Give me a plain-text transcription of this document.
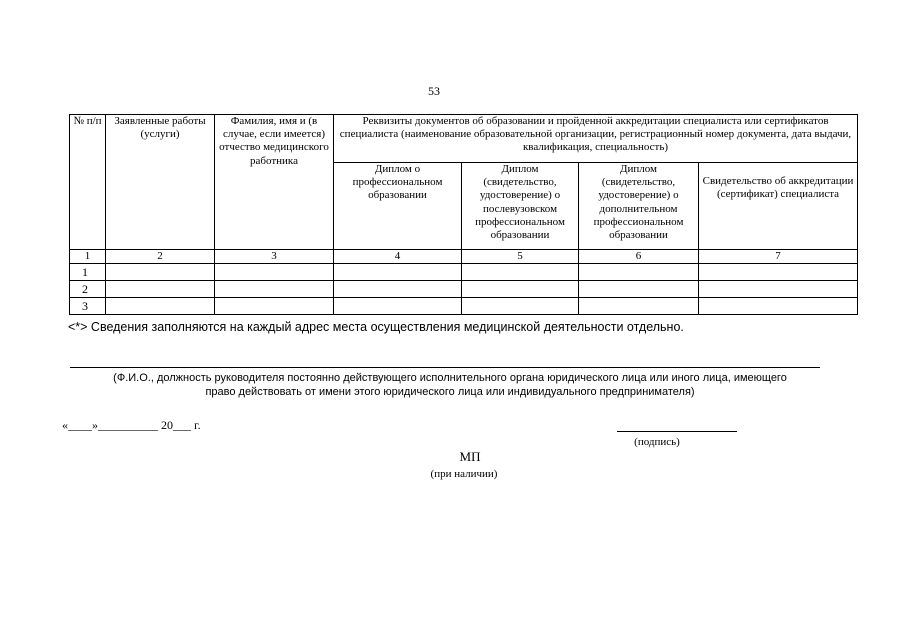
53
№ п/п	Заявленные работы (услуги)	Фамилия, имя и (в случае, если имеется) отчество медицинского работника	Реквизиты документов об образовании и пройденной аккредитации специалиста или сертификатов специалиста (наименование образовательной организации, регистрационный номер документа, дата выдачи, квалификация, специальность)			
			Диплом о профессиональном образовании	Диплом (свидетельство, удостоверение) о послевузовском профессиональном образовании	Диплом (свидетельство, удостоверение) о дополнительном профессиональном образовании	Свидетельство об аккредитации (сертификат) специалиста
1	2	3	4	5	6	7
1						
2						
3						
<*> Сведения заполняются на каждый адрес места осуществления медицинской деятельности отдельно.
(Ф.И.О., должность руководителя постоянно действующего исполнительного органа юридического лица или иного лица, имеющего
право действовать от имени этого юридического лица или индивидуального предпринимателя)
«____»__________ 20___ г.
(подпись)
МП
(при наличии)
